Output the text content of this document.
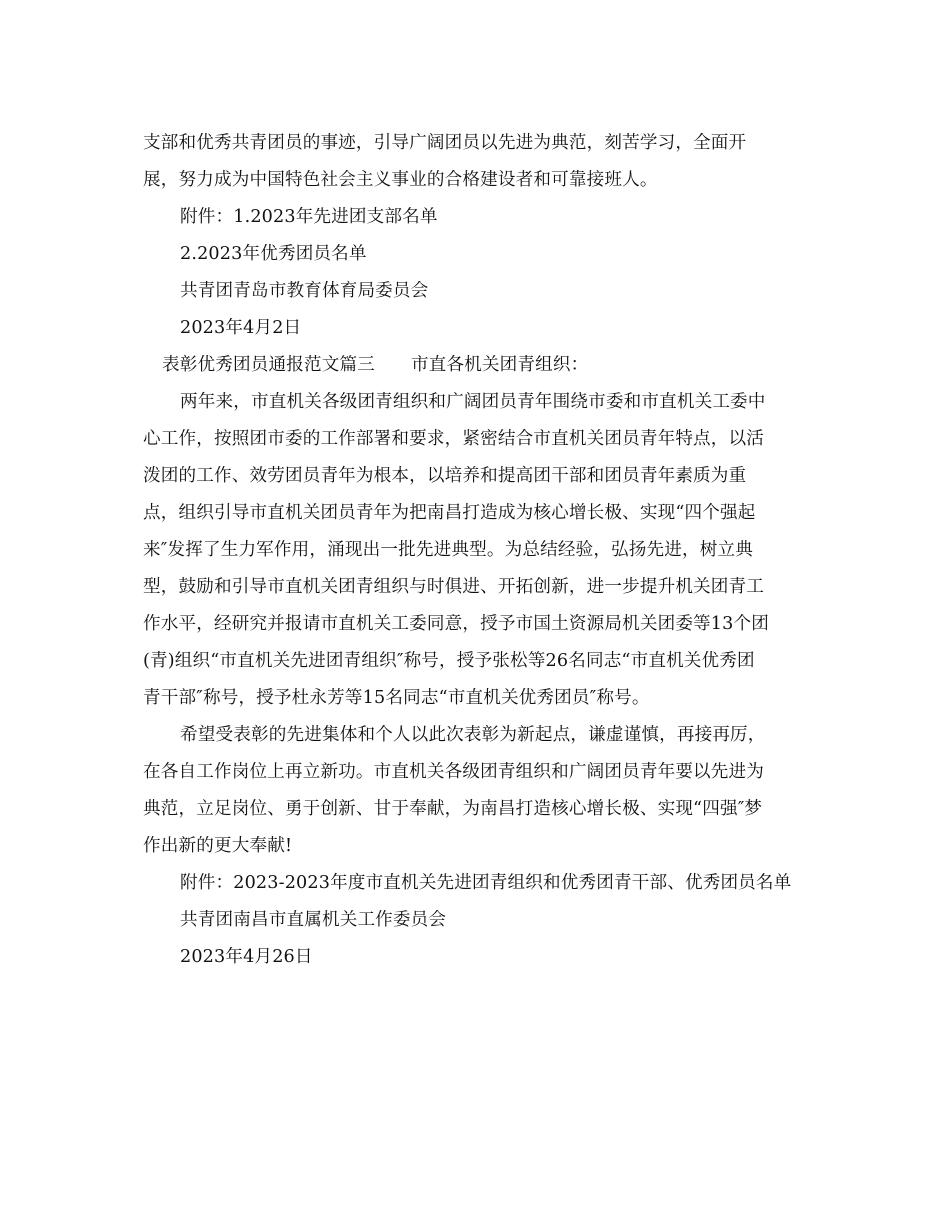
支部和优秀共青团员的事迹，引导广阔团员以先进为典范，刻苦学习，全面开
展，努力成为中国特色社会主义事业的合格建设者和可靠接班人。
附件：1.2023年先进团支部名单
2.2023年优秀团员名单
共青团青岛市教育体育局委员会
2023年4月2日
表彰优秀团员通报范文篇三 市直各机关团青组织：
两年来，市直机关各级团青组织和广阔团员青年围绕市委和市直机关工委中
心工作，按照团市委的工作部署和要求，紧密结合市直机关团员青年特点，以活
泼团的工作、效劳团员青年为根本，以培养和提高团干部和团员青年素质为重
点，组织引导市直机关团员青年为把南昌打造成为核心增长极、实现“四个强起
来″发挥了生力军作用，涌现出一批先进典型。为总结经验，弘扬先进，树立典
型，鼓励和引导市直机关团青组织与时俱进、开拓创新，进一步提升机关团青工
作水平，经研究并报请市直机关工委同意，授予市国土资源局机关团委等13个团
(青)组织“市直机关先进团青组织″称号，授予张松等26名同志“市直机关优秀团
青干部″称号，授予杜永芳等15名同志“市直机关优秀团员″称号。
希望受表彰的先进集体和个人以此次表彰为新起点，谦虚谨慎，再接再厉，
在各自工作岗位上再立新功。市直机关各级团青组织和广阔团员青年要以先进为
典范，立足岗位、勇于创新、甘于奉献，为南昌打造核心增长极、实现“四强″梦
作出新的更大奉献!
附件：2023-2023年度市直机关先进团青组织和优秀团青干部、优秀团员名单
共青团南昌市直属机关工作委员会
2023年4月26日
